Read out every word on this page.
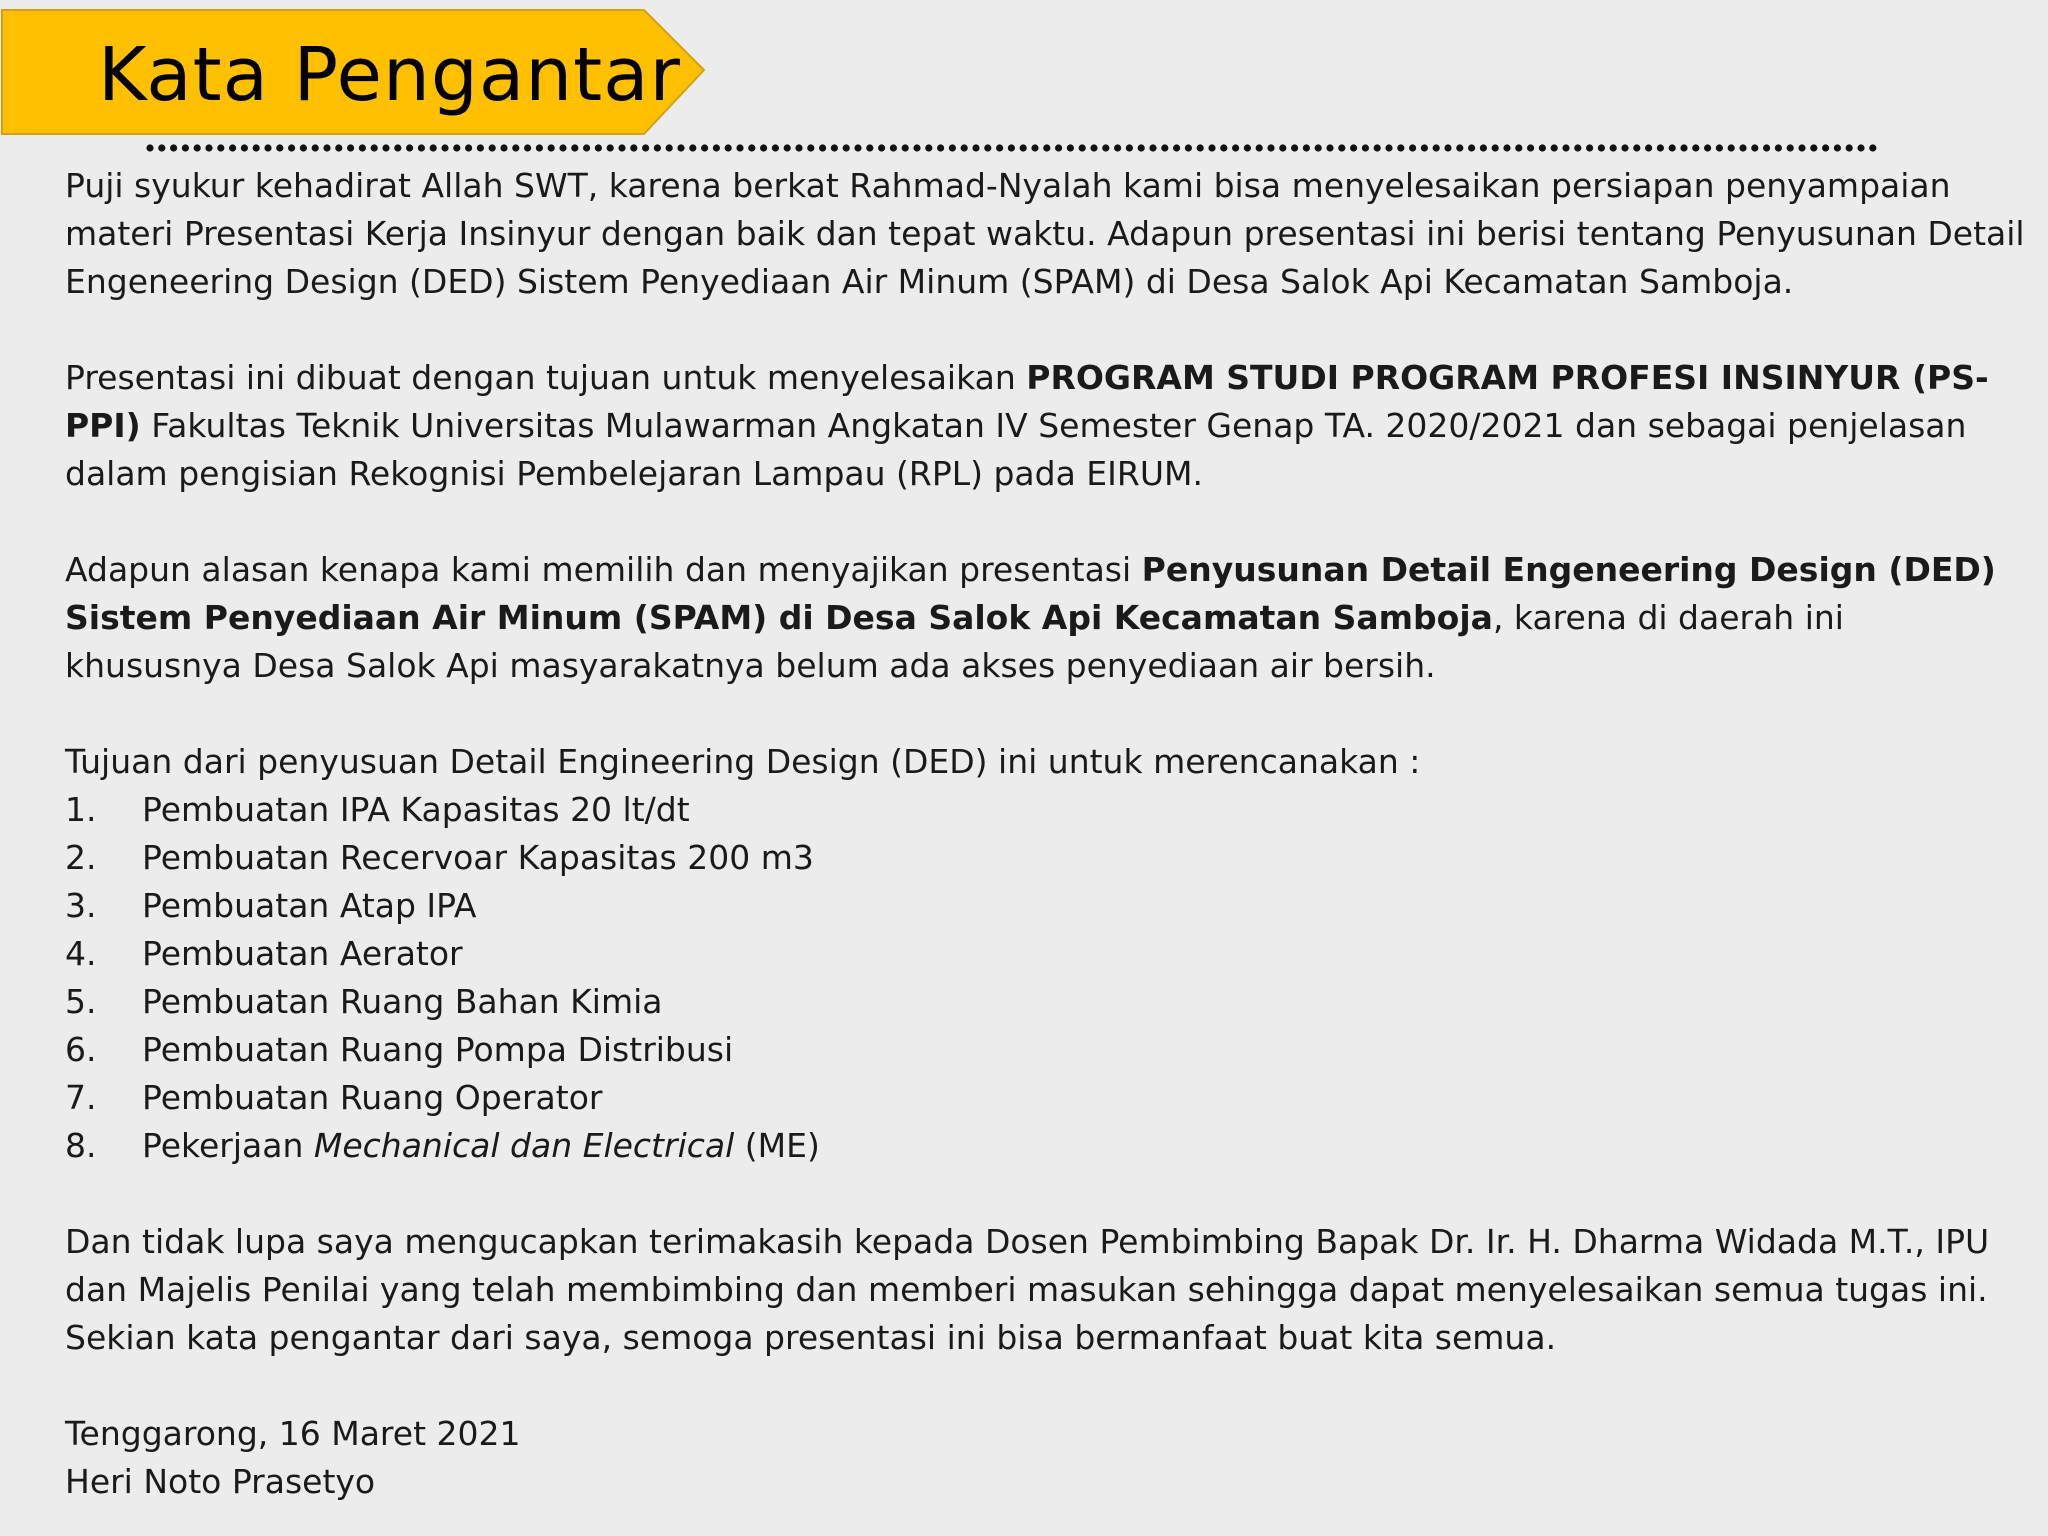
Kata Pengantar

Puji syukur kehadirat Allah SWT, karena berkat Rahmad-Nyalah kami bisa menyelesaikan persiapan penyampaian materi Presentasi Kerja Insinyur dengan baik dan tepat waktu. Adapun presentasi ini berisi tentang Penyusunan Detail Engeneering Design (DED) Sistem Penyediaan Air Minum (SPAM) di Desa Salok Api Kecamatan Samboja.

Presentasi ini dibuat dengan tujuan untuk menyelesaikan PROGRAM STUDI PROGRAM PROFESI INSINYUR (PS-PPI) Fakultas Teknik Universitas Mulawarman Angkatan IV Semester Genap TA. 2020/2021 dan sebagai penjelasan dalam pengisian Rekognisi Pembelejaran Lampau (RPL) pada EIRUM.

Adapun alasan kenapa kami memilih dan menyajikan presentasi Penyusunan Detail Engeneering Design (DED) Sistem Penyediaan Air Minum (SPAM) di Desa Salok Api Kecamatan Samboja, karena di daerah ini khususnya Desa Salok Api masyarakatnya belum ada akses penyediaan air bersih.

Tujuan dari penyusuan Detail Engineering Design (DED) ini untuk merencanakan :

1.	Pembuatan IPA Kapasitas 20 lt/dt
2.	Pembuatan Recervoar Kapasitas 200 m3
3.	Pembuatan Atap IPA
4.	Pembuatan Aerator
5.	Pembuatan Ruang Bahan Kimia
6.	Pembuatan Ruang Pompa Distribusi
7.	Pembuatan Ruang Operator
8.	Pekerjaan Mechanical dan Electrical (ME)

Dan tidak lupa saya mengucapkan terimakasih kepada Dosen Pembimbing Bapak Dr. Ir. H. Dharma Widada M.T., IPU dan Majelis Penilai yang telah membimbing dan memberi masukan sehingga dapat menyelesaikan semua tugas ini.

Sekian kata pengantar dari saya, semoga presentasi ini bisa bermanfaat buat kita semua.

Tenggarong, 16 Maret 2021

Heri Noto Prasetyo
